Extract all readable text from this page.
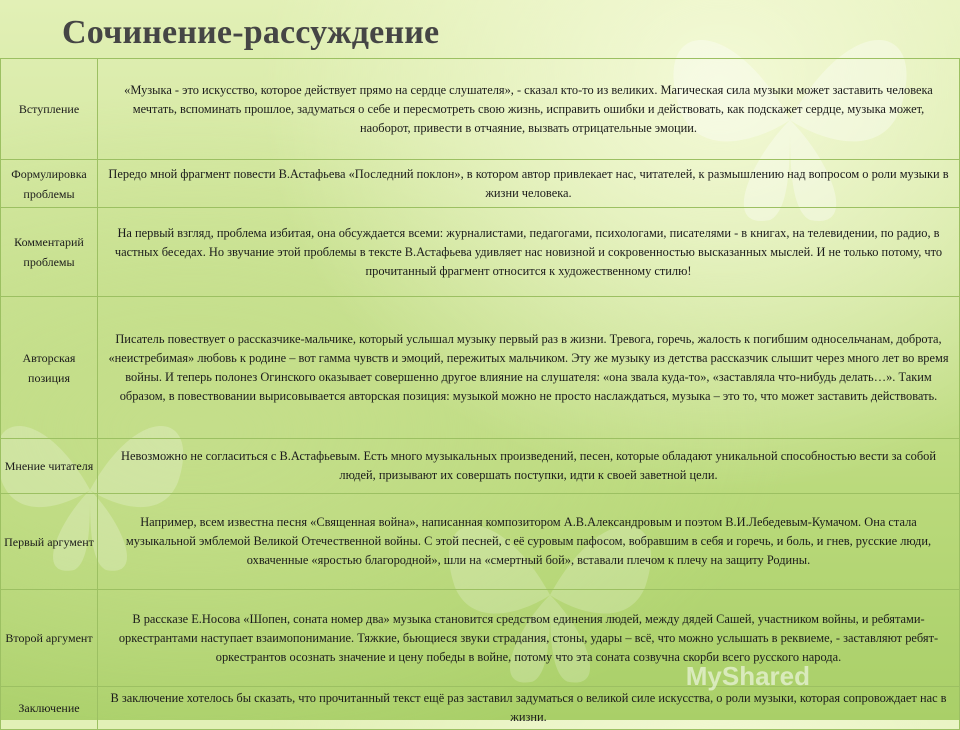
Сочинение-рассуждение
Вступление	«Музыка - это искусство, которое действует прямо на сердце слушателя», - сказал кто-то из великих. Магическая сила музыки может заставить человека мечтать, вспоминать прошлое, задуматься о себе и пересмотреть свою жизнь, исправить ошибки и действовать, как подскажет сердце, музыка может, наоборот, привести в отчаяние, вызвать отрицательные эмоции.
Формулировка проблемы	Передо мной фрагмент повести В.Астафьева «Последний поклон», в котором автор привлекает нас, читателей, к размышлению над вопросом о роли музыки в жизни человека.
Комментарий проблемы	На первый взгляд, проблема избитая, она обсуждается всеми: журналистами, педагогами, психологами, писателями - в книгах, на телевидении, по радио, в частных беседах. Но звучание этой проблемы в тексте В.Астафьева удивляет нас новизной и сокровенностью высказанных мыслей. И не только потому, что прочитанный фрагмент относится к художественному стилю!
Авторская позиция	Писатель повествует о рассказчике-мальчике, который услышал музыку первый раз в жизни. Тревога, горечь, жалость к погибшим односельчанам, доброта, «неистребимая» любовь к родине – вот гамма чувств и эмоций, пережитых мальчиком. Эту же музыку из детства рассказчик слышит через много лет во время войны. И теперь полонез Огинского оказывает совершенно другое влияние на слушателя: «она звала куда-то», «заставляла что-нибудь делать…». Таким образом, в повествовании вырисовывается авторская позиция: музыкой можно не просто наслаждаться, музыка – это то, что может заставить действовать.
Мнение читателя	Невозможно не согласиться с В.Астафьевым. Есть много музыкальных произведений, песен, которые обладают уникальной способностью вести за собой людей, призывают их совершать поступки, идти к своей заветной цели.
Первый аргумент	Например, всем известна песня «Священная война», написанная композитором А.В.Александровым и поэтом В.И.Лебедевым-Кумачом. Она стала музыкальной эмблемой Великой Отечественной войны. С этой песней, с её суровым пафосом, вобравшим в себя и горечь, и боль, и гнев, русские люди, охваченные «яростью благородной», шли на «смертный бой», вставали плечом к плечу на защиту Родины.
Второй аргумент	В рассказе Е.Носова «Шопен, соната номер два» музыка становится средством единения людей, между дядей Сашей, участником войны, и ребятами-оркестрантами наступает взаимопонимание. Тяжкие, бьющиеся звуки страдания, стоны, удары – всё, что можно услышать в реквиеме, - заставляют ребят-оркестрантов осознать значение и цену победы в войне, потому что эта соната созвучна скорби всего русского народа.
Заключение	В заключение хотелось бы сказать, что прочитанный текст ещё раз заставил задуматься о великой силе искусства, о роли музыки, которая сопровождает нас в жизни.
MyShared
